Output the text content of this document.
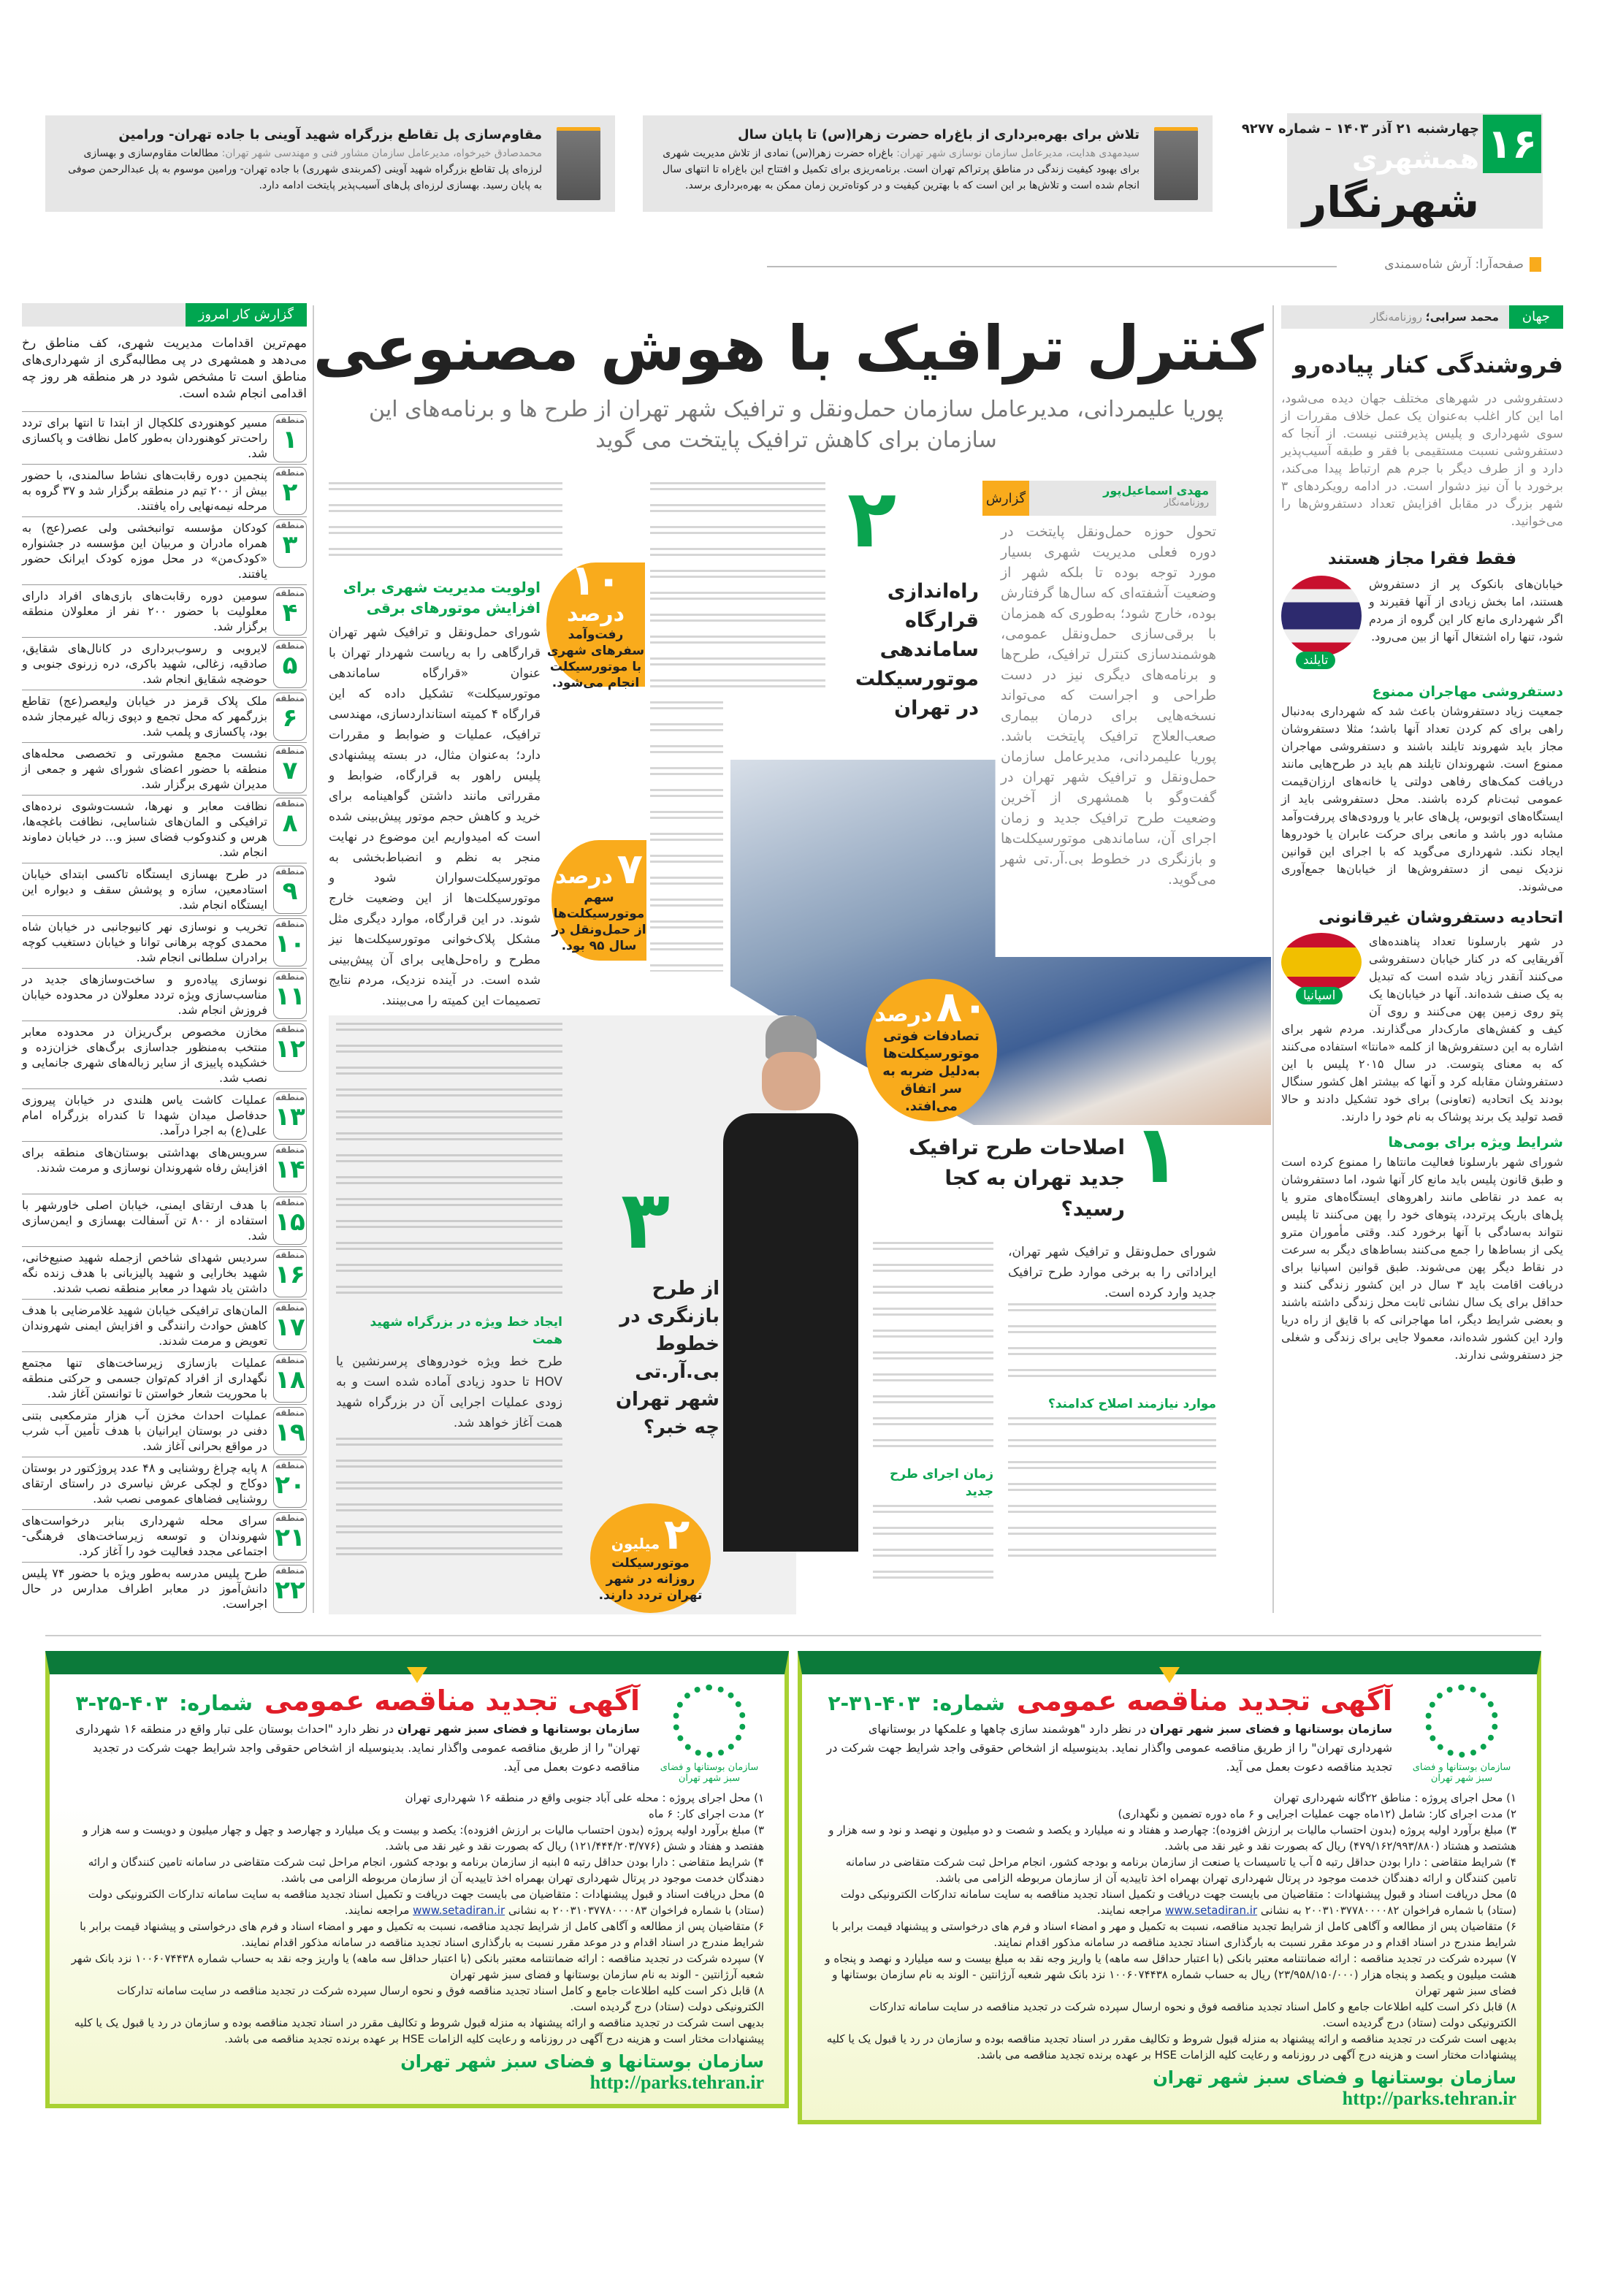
۱۶
چهارشنبه ۲۱ آذر ۱۴۰۳ – شماره ۹۲۷۷
همشهری
شهرنگار
صفحه‌آرا: آرش شاه‌سمندی
تلاش برای بهره‌برداری از باغ‌راه حضرت زهرا(س) تا پایان سال

سیدمهدی هدایت، مدیرعامل سازمان نوسازی شهر تهران: باغ‌راه حضرت زهرا(س) نمادی از تلاش مدیریت شهری برای بهبود کیفیت زندگی در مناطق پرتراکم تهران است. برنامه‌ریزی برای تکمیل و افتتاح این باغ‌راه تا انتهای سال انجام شده است و تلاش‌ها بر این است که با بهترین کیفیت و در کوتاه‌ترین زمان ممکن به بهره‌برداری برسد.

مقاوم‌سازی پل تقاطع بزرگراه شهید آوینی با جاده تهران- ورامین

محمدصادق خیرخواه، مدیرعامل سازمان مشاور فنی و مهندسی شهر تهران: مطالعات مقاوم‌سازی و بهسازی لرزه‌ای پل تقاطع بزرگراه شهید آوینی (کمربندی شهرری) با جاده تهران- ورامین موسوم به پل عبدالرحمن صوفی به پایان رسید. بهسازی لرزه‌ای پل‌های آسیب‌پذیر پایتخت ادامه دارد.

جهان
محمد سرابی؛ روزنامه‌نگار
فروشندگی کنار پیاده‌رو

دستفروشی در شهرهای مختلف جهان دیده می‌شود، اما این کار اغلب به‌عنوان یک عمل خلاف مقررات از سوی شهرداری و پلیس پذیرفتنی نیست. از آنجا که دستفروشی نسبت مستقیمی با فقر و طبقه آسیب‌پذیر دارد و از طرف دیگر با جرم هم ارتباط پیدا می‌کند، برخورد با آن نیز دشوار است. در ادامه رویکردهای ۳ شهر بزرگ در مقابل افزایش تعداد دستفروش‌ها را می‌خوانید.

فقط فقرا مجاز هستند
تایلند

خیابان‌های بانکوک پر از دستفروش هستند، اما بخش زیادی از آنها فقیرند و اگر شهرداری مانع کار این گروه از مردم شود، تنها راه اشتغال آنها از بین می‌رود.

دستفروشی مهاجران ممنوع

جمعیت زیاد دستفروشان باعث شد که شهرداری به‌دنبال راهی برای کم کردن تعداد آنها باشد؛ مثلا دستفروشان مجاز باید شهروند تایلند باشند و دستفروشی مهاجران ممنوع است. شهروندان تایلند هم باید در طرح‌هایی مانند دریافت کمک‌های رفاهی دولتی یا خانه‌های ارزان‌قیمت عمومی ثبت‌نام کرده باشند. محل دستفروشی باید از ایستگاه‌های اتوبوس، پل‌های عابر یا ورودی‌های پررفت‌وآمد مشابه دور باشد و مانعی برای حرکت عابران یا خودروها ایجاد نکند. شهرداری می‌گوید که با اجرای این قوانین نزدیک نیمی از دستفروش‌ها از خیابان‌ها جمع‌آوری می‌شوند.

اتحادیه دستفروشان غیرقانونی
اسپانیا

در شهر بارسلونا تعداد پناهنده‌های آفریقایی که در کنار خیابان دستفروشی می‌کنند آنقدر زیاد شده است که تبدیل به یک صنف شده‌اند. آنها در خیابان‌ها یک پتو روی زمین پهن می‌کنند و روی آن کیف و کفش‌های مارک‌دار می‌گذارند. مردم شهر برای اشاره به این دستفروش‌ها از کلمه «مانتا» استفاده می‌کنند که به معنای پتوست. در سال ۲۰۱۵ پلیس با این دستفروشان مقابله کرد و آنها که بیشتر اهل کشور سنگال بودند یک اتحادیه (تعاونی) برای خود تشکیل دادند و حالا قصد تولید یک برند پوشاک به نام خود را دارند.

شرایط ویژه برای بومی‌ها

شورای شهر بارسلونا فعالیت مانتاها را ممنوع کرده است و طبق قانون پلیس باید مانع کار آنها شود، اما دستفروشان به عمد در نقاطی مانند راهروهای ایستگاه‌های مترو یا پل‌های باریک پرتردد، پتوهای خود را پهن می‌کنند تا پلیس نتواند به‌سادگی با آنها برخورد کند. وقتی مأموران مترو یکی از بساط‌ها را جمع می‌کنند بساط‌های دیگر به سرعت در نقاط دیگر پهن می‌شوند. طبق قوانین اسپانیا برای دریافت اقامت باید ۳ سال در این کشور زندگی کنند و حداقل برای یک سال نشانی ثابت محل زندگی داشته باشند و بعضی شرایط دیگر، اما مهاجرانی که با قایق از راه دریا وارد این کشور شده‌اند، معمولا جایی برای زندگی و شغلی جز دستفروشی ندارند.

گزارش کار امروز

مهم‌ترین اقدامات مدیریت شهری، کف مناطق رخ می‌دهد و همشهری در پی مطالبه‌گری از شهرداری‌های مناطق است تا مشخص شود در هر منطقه هر روز چه اقدامی انجام شده است.

منطقه
۱
مسیر کوهنوردی کلکچال از ابتدا تا انتها برای تردد راحت‌تر کوهنوردان به‌طور کامل نظافت و پاکسازی شد.
منطقه
۲
پنجمین دوره رقابت‌های نشاط سالمندی، با حضور بیش از ۲۰۰ تیم در منطقه برگزار شد و ۳۷ گروه به مرحله نیمه‌نهایی راه یافتند.
منطقه
۳
کودکان مؤسسه توانبخشی ولی عصر(عج) به همراه مادران و مربیان این مؤسسه در جشنواره «کودک‌من» در محل موزه کودک ایرانک حضور یافتند.
منطقه
۴
سومین دوره رقابت‌های بازی‌های افراد دارای معلولیت با حضور ۲۰۰ نفر از معلولان منطقه برگزار شد.
منطقه
۵
لایروبی و رسوب‌برداری در کانال‌های شقایق، صادقیه، زغالی، شهید باکری، دره زرنوی جنوبی و حوضچه شقایق انجام شد.
منطقه
۶
ملک پلاک قرمز در خیابان ولیعصر(عج) تقاطع بزرگمهر که محل تجمع و دپوی زباله غیرمجاز شده بود، پاکسازی و پلمب شد.
منطقه
۷
نشست مجمع مشورتی و تخصصی محله‌های منطقه با حضور اعضای شورای شهر و جمعی از مدیران شهری برگزار شد.
منطقه
۸
نظافت معابر و نهرها، شست‌وشوی نرده‌های ترافیکی و المان‌های شناسایی، نظافت باغچه‌ها، هرس و کندوکوب فضای سبز و... در خیابان دماوند انجام شد.
منطقه
۹
در طرح بهسازی ایستگاه تاکسی ابتدای خیابان استادمعین، سازه و پوشش سقف و دیواره این ایستگاه انجام شد.
منطقه
۱۰
تخریب و نوسازی نهر کانیوجانبی در خیابان شاه محمدی کوچه برهانی توانا و خیابان دستغیب کوچه برادران سلطانی انجام شد.
منطقه
۱۱
نوسازی پیاده‌رو و ساخت‌وسازهای جدید در مناسب‌سازی ویژه تردد معلولان در محدوده خیابان فروزش انجام شد.
منطقه
۱۲
مخازن مخصوص برگ‌ریزان در محدوده معابر منتخب به‌منظور جداسازی برگ‌های خزان‌زده و خشکیده پاییزی از سایر زباله‌های شهری جانمایی و نصب شد.
منطقه
۱۳
عملیات کاشت یاس هلندی در خیابان پیروزی حدفاصل میدان شهدا تا کندراه بزرگراه امام علی(ع) به اجرا درآمد.
منطقه
۱۴
سرویس‌های بهداشتی بوستان‌های منطقه برای افزایش رفاه شهروندان نوسازی و مرمت شدند.
منطقه
۱۵
با هدف ارتقای ایمنی، خیابان اصلی خاورشهر با استفاده از ۸۰۰ تن آسفالت بهسازی و ایمن‌سازی شد.
منطقه
۱۶
سردیس شهدای شاخص ازجمله شهید صنیع‌خانی، شهید بخارایی و شهید پالیزبانی با هدف زنده نگه داشتن یاد شهدا در معابر منطقه نصب شدند.
منطقه
۱۷
المان‌های ترافیکی خیابان شهید غلامرضایی با هدف کاهش حوادث رانندگی و افزایش ایمنی شهروندان تعویض و مرمت شدند.
منطقه
۱۸
عملیات بازسازی زیرساخت‌های تنها مجتمع نگهداری از افراد کم‌توان جسمی و حرکتی منطقه با محوریت شعار خواستن تا توانستن آغاز شد.
منطقه
۱۹
عملیات احداث مخزن آب هزار مترمکعبی بتنی دفنی در بوستان ایرانیان با هدف تأمین آب شرب در مواقع بحرانی آغاز شد.
منطقه
۲۰
۸ پایه چراغ روشنایی و ۴۸ عدد پروژکتور در بوستان دوکاج و لچکی عرش نیاسری در راستای ارتقای روشنایی فضاهای عمومی نصب شد.
منطقه
۲۱
سرای محله شهرداری بنابر درخواست‌های شهروندان و توسعه زیرساخت‌های فرهنگی- اجتماعی مجدد فعالیت خود را آغاز کرد.
منطقه
۲۲
طرح پلیس مدرسه به‌طور ویژه با حضور ۷۴ پلیس دانش‌آموز در معابر اطراف مدارس در حال اجراست.
کنترل ترافیک با هوش مصنوعی

پوریا علیمردانی، مدیرعامل سازمان حمل‌ونقل و ترافیک شهر تهران از طرح ها و برنامه‌های این سازمان برای کاهش ترافیک پایتخت می گوید

مهدی اسماعیل‌پور
روزنامه‌نگار
گزارش

تحول حوزه حمل‌ونقل پایتخت در دوره فعلی مدیریت شهری بسیار مورد توجه بوده تا بلکه شهر از وضعیت آشفته‌ای که سال‌ها گرفتارش بوده، خارج شود؛ به‌طوری که همزمان با برقی‌سازی حمل‌ونقل عمومی، هوشمندسازی کنترل ترافیک، طرح‌ها و برنامه‌های دیگری نیز در دست طراحی و اجراست که می‌تواند نسخه‌هایی برای درمان بیماری صعب‌العلاج ترافیک پایتخت باشد. پوریا علیمردانی، مدیرعامل سازمان حمل‌ونقل و ترافیک شهر تهران در گفت‌وگو با همشهری از آخرین وضعیت طرح ترافیک جدید و زمان اجرای آن، ساماندهی موتورسیکلت‌ها و بازنگری در خطوط بی.آر.تی شهر می‌گوید.

۲
راه‌اندازی قرارگاه ساماندهی موتورسیکلت در تهران
اولویت مدیریت شهری برای افزایش موتورهای برقی

شورای حمل‌ونقل و ترافیک شهر تهران قرارگاهی را به ریاست شهردار تهران با عنوان «قرارگاه ساماندهی موتورسیکلت» تشکیل داده که این قرارگاه ۴ کمیته استانداردسازی، مهندسی ترافیک، عملیات و ضوابط و مقررات دارد؛ به‌عنوان مثال، در بسته پیشنهادی پلیس راهور به قرارگاه، ضوابط و مقرراتی مانند داشتن گواهینامه برای خرید و کاهش حجم موتور پیش‌بینی شده است که امیدواریم این موضوع در نهایت منجر به نظم و انضباط‌بخشی به موتورسیکلت‌سواران شود و موتورسیکلت‌ها از این وضعیت خارج شوند. در این قرارگاه، موارد دیگری مثل مشکل پلاک‌خوانی موتورسیکلت‌ها نیز مطرح و راه‌حل‌هایی برای آن پیش‌بینی شده است. در آینده نزدیک، مردم نتایج تصمیمات این کمیته را می‌بینند.

۱۰ درصد
رفت‌وآمد سفرهای شهری با موتورسیکلت انجام می‌شود.
۷ درصد
سهم موتورسیکلت‌ها از حمل‌ونقل در سال ۹۵ بود.
۸۰ درصد
تصادفات فوتی موتورسیکلت‌ها به‌دلیل ضربه به سر اتفاق می‌افتد.
ایجاد خط ویژه در بزرگراه شهید همت

طرح خط ویژه خودروهای پرسرنشین یا HOV تا حدود زیادی آماده شده است و به زودی عملیات اجرایی آن در بزرگراه شهید همت آغاز خواهد شد.

۳
از طرح بازنگری در خطوط بی.آر.تی شهر تهران چه خبر؟
۲ میلیون
موتورسیکلت روزانه در شهر تهران تردد دارند.
۱
اصلاحات طرح ترافیک جدید تهران به کجا رسید؟

شورای حمل‌ونقل و ترافیک شهر تهران، ایراداتی را به برخی موارد طرح ترافیک جدید وارد کرده است.

موارد نیازمند اصلاح کدامند؟
زمان اجرای طرح جدید
سازمان بوستانها و فضای سبز شهر تهران
آگهی تجدید مناقصه عمومی
شماره:
۲-۳۱-۴۰۳

سازمان بوستانها و فضای سبز شهر تهران در نظر دارد "هوشمند سازی چاهها و علمکها در بوستانهای شهرداری تهران" را از طریق مناقصه عمومی واگذار نماید. بدینوسیله از اشخاص حقوقی واجد شرایط جهت شرکت در تجدید مناقصه دعوت بعمل می آید.

۱) محل اجرای پروژه : مناطق ۲۲گانه شهرداری تهران
۲) مدت اجرای کار: شامل (۱۲ماه جهت عملیات اجرایی و ۶ ماه دوره تضمین و نگهداری)
۳) مبلغ برآورد اولیه پروژه (بدون احتساب مالیات بر ارزش افزوده): چهارصد و هفتاد و نه میلیارد و یکصد و شصت و دو میلیون و نهصد و نود و سه هزار و هشتصد و هشتاد (۴۷۹/۱۶۲/۹۹۳/۸۸۰) ریال که بصورت نقد و غیر نقد می باشد.
۴) شرایط متقاضی : دارا بودن حداقل رتبه ۵ آب یا تاسیسات یا صنعت از سازمان برنامه و بودجه کشور، انجام مراحل ثبت شرکت متقاضی در سامانه تامین کنندگان و ارائه دهندگان خدمت موجود در پرتال شهرداری تهران بهمراه اخذ تاییدیه آن از سازمان مربوطه الزامی می باشد.
۵) محل دریافت اسناد و قبول پیشنهادات : متقاضیان می بایست جهت دریافت و تکمیل اسناد تجدید مناقصه به سایت سامانه تدارکات الکترونیکی دولت (ستاد) با شماره فراخوان ۲۰۰۳۱۰۳۷۷۸۰۰۰۰۸۲ به نشانی www.setadiran.ir مراجعه نمایند.
۶) متقاضیان پس از مطالعه و آگاهی کامل از شرایط تجدید مناقصه، نسبت به تکمیل و مهر و امضاء اسناد و فرم های درخواستی و پیشنهاد قیمت برابر با شرایط مندرج در اسناد اقدام و در موعد مقرر نسبت به بارگذاری اسناد تجدید مناقصه در سامانه مذکور اقدام نمایند.
۷) سپرده شرکت در تجدید مناقصه : ارائه ضمانتنامه معتبر بانکی (با اعتبار حداقل سه ماهه) یا واریز وجه نقد به مبلغ بیست و سه میلیارد و نهصد و پنجاه و هشت میلیون و یکصد و پنجاه هزار (۲۳/۹۵۸/۱۵۰/۰۰۰) ریال به حساب شماره ۱۰۰۶۰۷۴۴۳۸ نزد بانک شهر شعبه آرژانتین - الوند به نام سازمان بوستانها و فضای سبز شهر تهران
۸) قابل ذکر است کلیه اطلاعات جامع و کامل اسناد تجدید مناقصه فوق و نحوه ارسال سپرده شرکت در تجدید مناقصه در سایت سامانه تدارکات الکترونیکی دولت (ستاد) درج گردیده است.
بدیهی است شرکت در تجدید مناقصه و ارائه پیشنهاد به منزله قبول شروط و تکالیف مقرر در اسناد تجدید مناقصه بوده و سازمان در رد یا قبول یک یا کلیه پیشنهادات مختار است و هزینه درج آگهی در روزنامه و رعایت کلیه الزامات HSE بر عهده برنده تجدید مناقصه می باشد.
سازمان بوستانها و فضای سبز شهر تهران
http://parks.tehran.ir
سازمان بوستانها و فضای سبز شهر تهران
آگهی تجدید مناقصه عمومی
شماره:
۳-۲۵-۴۰۳

سازمان بوستانها و فضای سبز شهر تهران در نظر دارد "احداث بوستان علی تبار واقع در منطقه ۱۶ شهرداری تهران" را از طریق مناقصه عمومی واگذار نماید. بدینوسیله از اشخاص حقوقی واجد شرایط جهت شرکت در تجدید مناقصه دعوت بعمل می آید.

۱) محل اجرای پروژه : محله علی آباد جنوبی واقع در منطقه ۱۶ شهرداری تهران
۲) مدت اجرای کار: ۶ ماه
۳) مبلغ برآورد اولیه پروژه (بدون احتساب مالیات بر ارزش افزوده): یکصد و بیست و یک میلیارد و چهارصد و چهل و چهار میلیون و دویست و سه هزار و هفتصد و هفتاد و شش (۱۲۱/۴۴۴/۲۰۳/۷۷۶) ریال که بصورت نقد و غیر نقد می باشد.
۴) شرایط متقاضی : دارا بودن حداقل رتبه ۵ ابنیه از سازمان برنامه و بودجه کشور، انجام مراحل ثبت شرکت متقاضی در سامانه تامین کنندگان و ارائه دهندگان خدمت موجود در پرتال شهرداری تهران بهمراه اخذ تاییدیه آن از سازمان مربوطه الزامی می باشد.
۵) محل دریافت اسناد و قبول پیشنهادات : متقاضیان می بایست جهت دریافت و تکمیل اسناد تجدید مناقصه به سایت سامانه تدارکات الکترونیکی دولت (ستاد) با شماره فراخوان ۲۰۰۳۱۰۳۷۷۸۰۰۰۰۸۳ به نشانی www.setadiran.ir مراجعه نمایند.
۶) متقاضیان پس از مطالعه و آگاهی کامل از شرایط تجدید مناقصه، نسبت به تکمیل و مهر و امضاء اسناد و فرم های درخواستی و پیشنهاد قیمت برابر با شرایط مندرج در اسناد اقدام و در موعد مقرر نسبت به بارگذاری اسناد تجدید مناقصه در سامانه مذکور اقدام نمایند.
۷) سپرده شرکت در تجدید مناقصه : ارائه ضمانتنامه معتبر بانکی (با اعتبار حداقل سه ماهه) یا واریز وجه نقد به حساب شماره ۱۰۰۶۰۷۴۴۳۸ نزد بانک شهر شعبه آرژانتین - الوند به نام سازمان بوستانها و فضای سبز شهر تهران
۸) قابل ذکر است کلیه اطلاعات جامع و کامل اسناد تجدید مناقصه فوق و نحوه ارسال سپرده شرکت در تجدید مناقصه در سایت سامانه تدارکات الکترونیکی دولت (ستاد) درج گردیده است.
بدیهی است شرکت در تجدید مناقصه و ارائه پیشنهاد به منزله قبول شروط و تکالیف مقرر در اسناد تجدید مناقصه بوده و سازمان در رد یا قبول یک یا کلیه پیشنهادات مختار است و هزینه درج آگهی در روزنامه و رعایت کلیه الزامات HSE بر عهده برنده تجدید مناقصه می باشد.
سازمان بوستانها و فضای سبز شهر تهران
http://parks.tehran.ir
